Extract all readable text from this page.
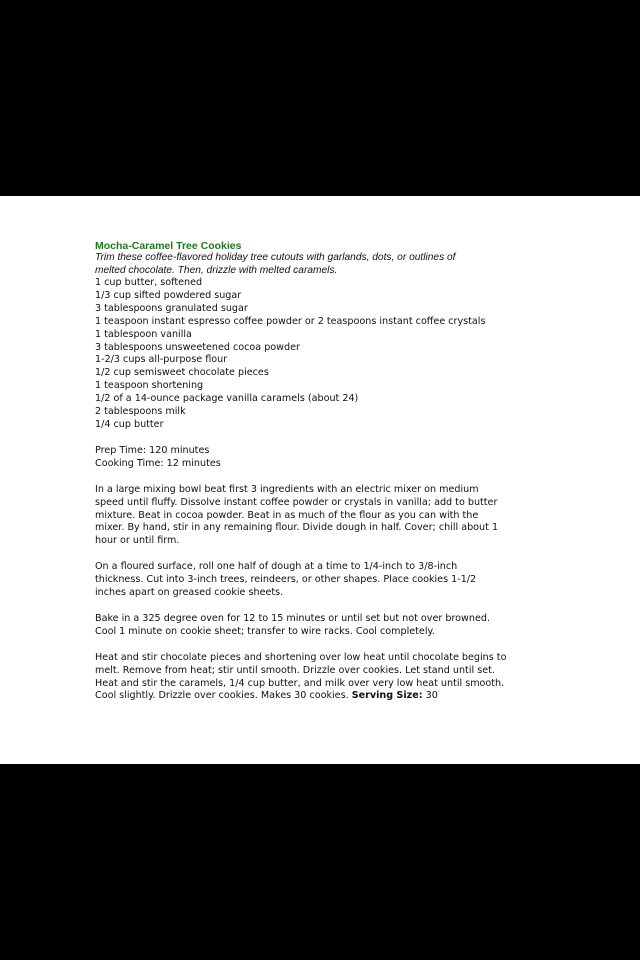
Mocha-Caramel Tree Cookies

Trim these coffee-flavored holiday tree cutouts with garlands, dots, or outlines of
melted chocolate. Then, drizzle with melted caramels.

1 cup butter, softened
1/3 cup sifted powdered sugar
3 tablespoons granulated sugar
1 teaspoon instant espresso coffee powder or 2 teaspoons instant coffee crystals
1 tablespoon vanilla
3 tablespoons unsweetened cocoa powder
1-2/3 cups all-purpose flour
1/2 cup semisweet chocolate pieces
1 teaspoon shortening
1/2 of a 14-ounce package vanilla caramels (about 24)
2 tablespoons milk
1/4 cup butter
Prep Time: 120 minutes
Cooking Time: 12 minutes

In a large mixing bowl beat first 3 ingredients with an electric mixer on medium
speed until fluffy. Dissolve instant coffee powder or crystals in vanilla; add to butter
mixture. Beat in cocoa powder. Beat in as much of the flour as you can with the
mixer. By hand, stir in any remaining flour. Divide dough in half. Cover; chill about 1
hour or until firm.

On a floured surface, roll one half of dough at a time to 1/4-inch to 3/8-inch
thickness. Cut into 3-inch trees, reindeers, or other shapes. Place cookies 1-1/2
inches apart on greased cookie sheets.

Bake in a 325 degree oven for 12 to 15 minutes or until set but not over browned.
Cool 1 minute on cookie sheet; transfer to wire racks. Cool completely.

Heat and stir chocolate pieces and shortening over low heat until chocolate begins to
melt. Remove from heat; stir until smooth. Drizzle over cookies. Let stand until set.
Heat and stir the caramels, 1/4 cup butter, and milk over very low heat until smooth.
Cool slightly. Drizzle over cookies. Makes 30 cookies. Serving Size: 30
